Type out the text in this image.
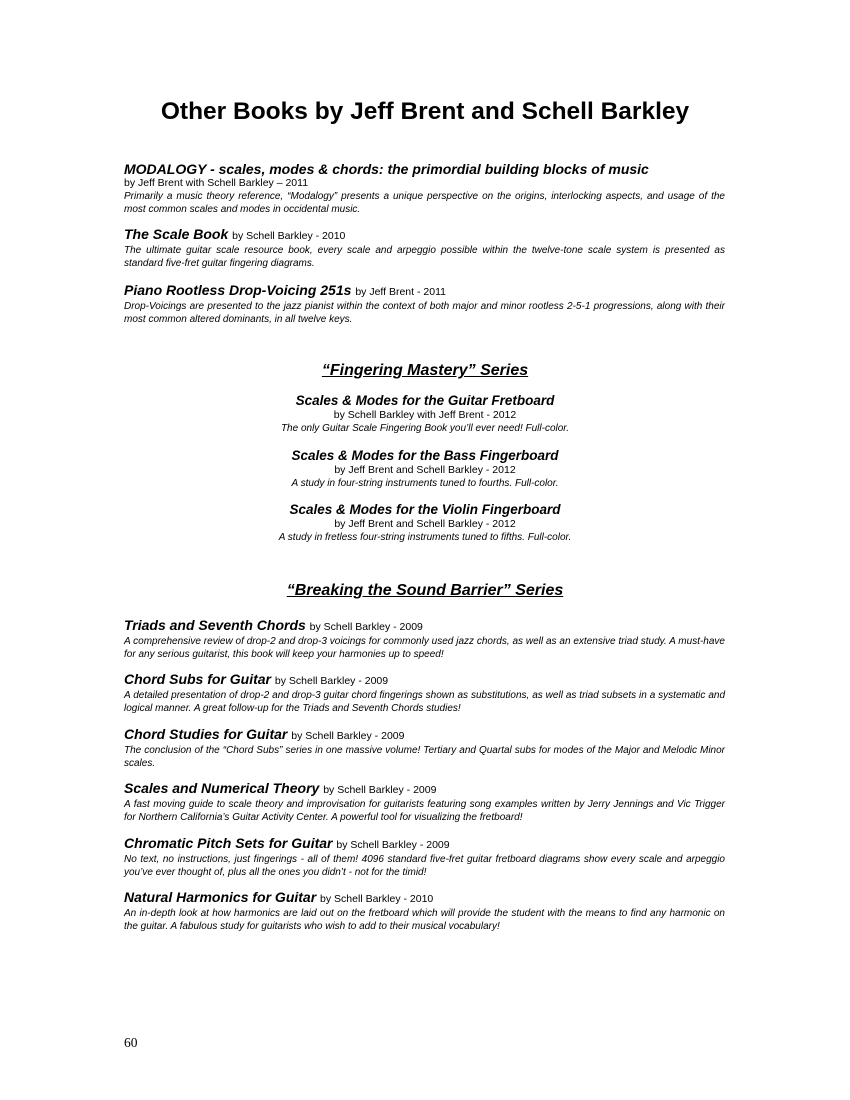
Other Books by Jeff Brent and Schell Barkley
MODALOGY - scales, modes & chords: the primordial building blocks of music
by Jeff Brent with Schell Barkley – 2011

Primarily a music theory reference, “Modalogy” presents a unique perspective on the origins, interlocking aspects, and usage of the most common scales and modes in occidental music.

The Scale Book by Schell Barkley - 2010

The ultimate guitar scale resource book, every scale and arpeggio possible within the twelve-tone scale system is presented as standard five-fret guitar fingering diagrams.

Piano Rootless Drop-Voicing 251s by Jeff Brent - 2011

Drop-Voicings are presented to the jazz pianist within the context of both major and minor rootless 2-5-1 progressions, along with their most common altered dominants, in all twelve keys.

“Fingering Mastery” Series
Scales & Modes for the Guitar Fretboard
by Schell Barkley with Jeff Brent - 2012

The only Guitar Scale Fingering Book you’ll ever need! Full-color.

Scales & Modes for the Bass Fingerboard
by Jeff Brent and Schell Barkley - 2012

A study in four-string instruments tuned to fourths. Full-color.

Scales & Modes for the Violin Fingerboard
by Jeff Brent and Schell Barkley - 2012

A study in fretless four-string instruments tuned to fifths. Full-color.

“Breaking the Sound Barrier” Series
Triads and Seventh Chords by Schell Barkley - 2009

A comprehensive review of drop-2 and drop-3 voicings for commonly used jazz chords, as well as an extensive triad study. A must-have for any serious guitarist, this book will keep your harmonies up to speed!

Chord Subs for Guitar by Schell Barkley - 2009

A detailed presentation of drop-2 and drop-3 guitar chord fingerings shown as substitutions, as well as triad subsets in a systematic and logical manner. A great follow-up for the Triads and Seventh Chords studies!

Chord Studies for Guitar by Schell Barkley - 2009

The conclusion of the “Chord Subs” series in one massive volume! Tertiary and Quartal subs for modes of the Major and Melodic Minor scales.

Scales and Numerical Theory by Schell Barkley - 2009

A fast moving guide to scale theory and improvisation for guitarists featuring song examples written by Jerry Jennings and Vic Trigger for Northern California’s Guitar Activity Center. A powerful tool for visualizing the fretboard!

Chromatic Pitch Sets for Guitar by Schell Barkley - 2009

No text, no instructions, just fingerings - all of them! 4096 standard five-fret guitar fretboard diagrams show every scale and arpeggio you’ve ever thought of, plus all the ones you didn’t - not for the timid!

Natural Harmonics for Guitar by Schell Barkley - 2010

An in-depth look at how harmonics are laid out on the fretboard which will provide the student with the means to find any harmonic on the guitar. A fabulous study for guitarists who wish to add to their musical vocabulary!

60
